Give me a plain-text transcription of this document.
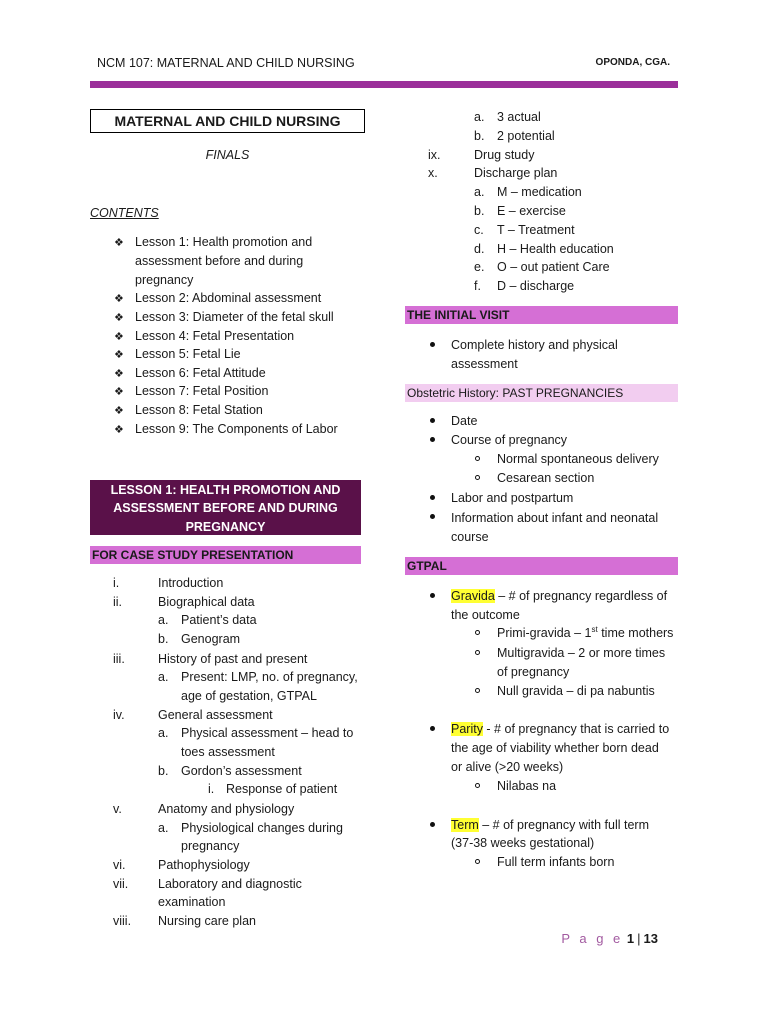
NCM 107: MATERNAL AND CHILD NURSING	OPONDA, CGA.
MATERNAL AND CHILD NURSING
FINALS
CONTENTS
❖ Lesson 1: Health promotion and
assessment before and during
pregnancy
❖ Lesson 2: Abdominal assessment
❖ Lesson 3: Diameter of the fetal skull
❖ Lesson 4: Fetal Presentation
❖ Lesson 5: Fetal Lie
❖ Lesson 6: Fetal Attitude
❖ Lesson 7: Fetal Position
❖ Lesson 8: Fetal Station
❖ Lesson 9: The Components of Labor
LESSON 1: HEALTH PROMOTION AND
ASSESSMENT BEFORE AND DURING
PREGNANCY
FOR CASE STUDY PRESENTATION
i.	Introduction
ii.	Biographical data
a. Patient’s data
b. Genogram
iii.	History of past and present
a. Present: LMP, no. of pregnancy,
age of gestation, GTPAL
iv.	General assessment
a. Physical assessment – head to
toes assessment
b. Gordon’s assessment
i. Response of patient
v.	Anatomy and physiology
a. Physiological changes during
pregnancy
vi.	Pathophysiology
vii. Laboratory and diagnostic
examination
viii. Nursing care plan
a. 3 actual
b. 2 potential
ix.	Drug study
x.	Discharge plan
a. M – medication
b. E – exercise
c. T – Treatment
d. H – Health education
e. O – out patient Care
f. D – discharge
THE INITIAL VISIT
Complete history and physical
assessment
Obstetric History: PAST PREGNANCIES
Date
Course of pregnancy
Normal spontaneous delivery
Cesarean section
Labor and postpartum
Information about infant and neonatal
course
GTPAL
Gravida – # of pregnancy regardless of
the outcome
Primi-gravida – 1st time mothers
Multigravida – 2 or more times
of pregnancy
Null gravida – di pa nabuntis
Parity - # of pregnancy that is carried to
the age of viability whether born dead
or alive (>20 weeks)
Nilabas na
Term – # of pregnancy with full term
(37-38 weeks gestational)
Full term infants born
P a g e 1 | 13
